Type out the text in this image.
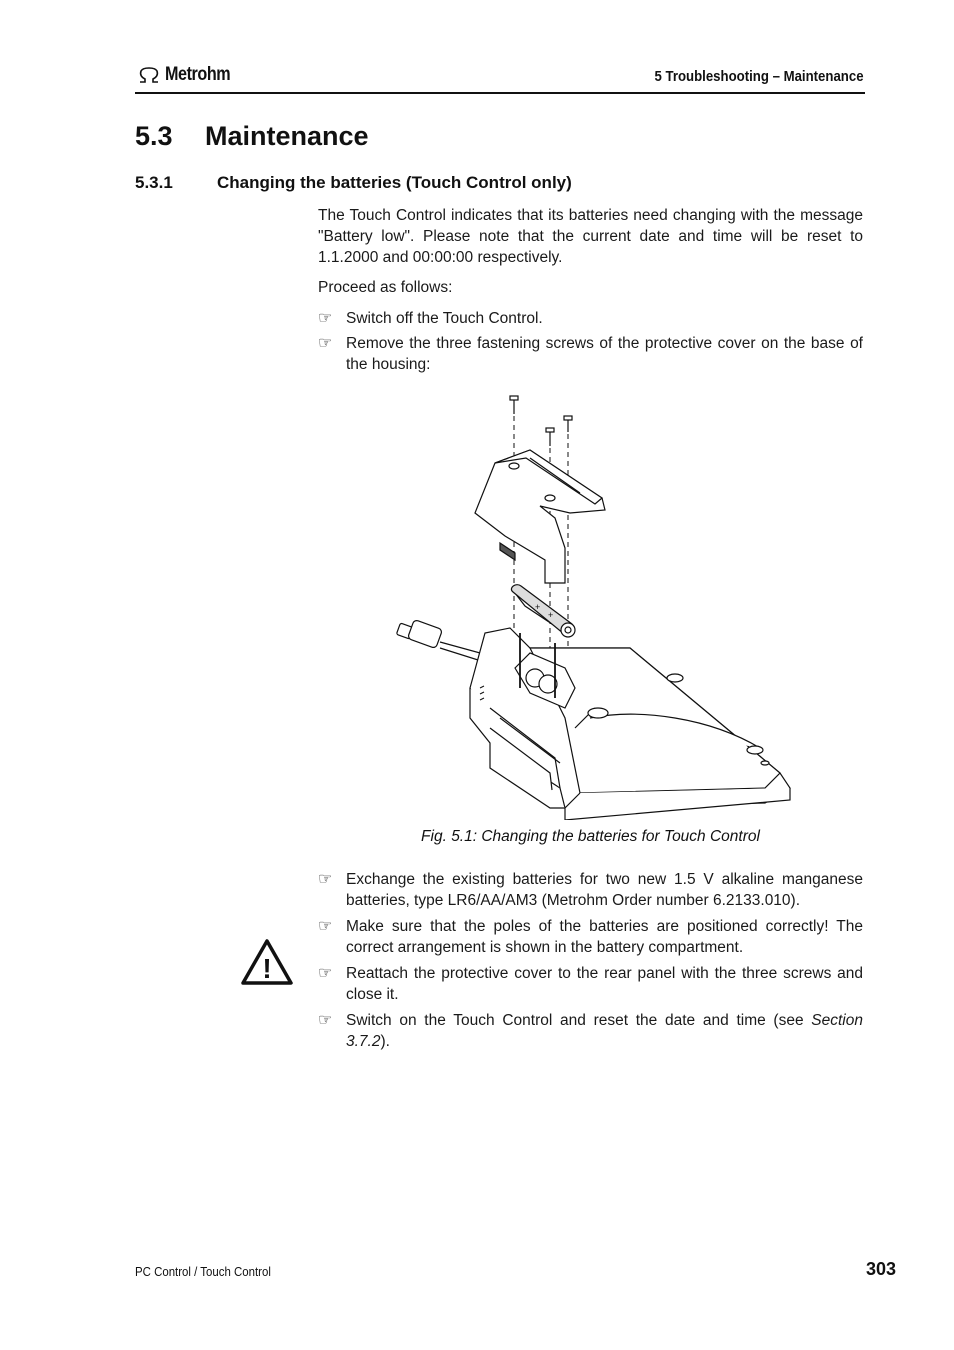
Metrohm	5 Troubleshooting – Maintenance
5.3	Maintenance
5.3.1	Changing the batteries (Touch Control only)
The Touch Control indicates that its batteries need changing with the message "Battery low". Please note that the current date and time will be reset to 1.1.2000 and 00:00:00 respectively.
Proceed as follows:
☞ Switch off the Touch Control.
☞ Remove the three fastening screws of the protective cover on the base of the housing:
+
+
Fig. 5.1: Changing the batteries for Touch Control
!
☞ Exchange the existing batteries for two new 1.5 V alkaline manganese batteries, type LR6/AA/AM3 (Metrohm Order number 6.2133.010).
☞ Make sure that the poles of the batteries are positioned correctly! The correct arrangement is shown in the battery compartment.
☞ Reattach the protective cover to the rear panel with the three screws and close it.
☞ Switch on the Touch Control and reset the date and time (see Section 3.7.2).
PC Control / Touch Control	303
